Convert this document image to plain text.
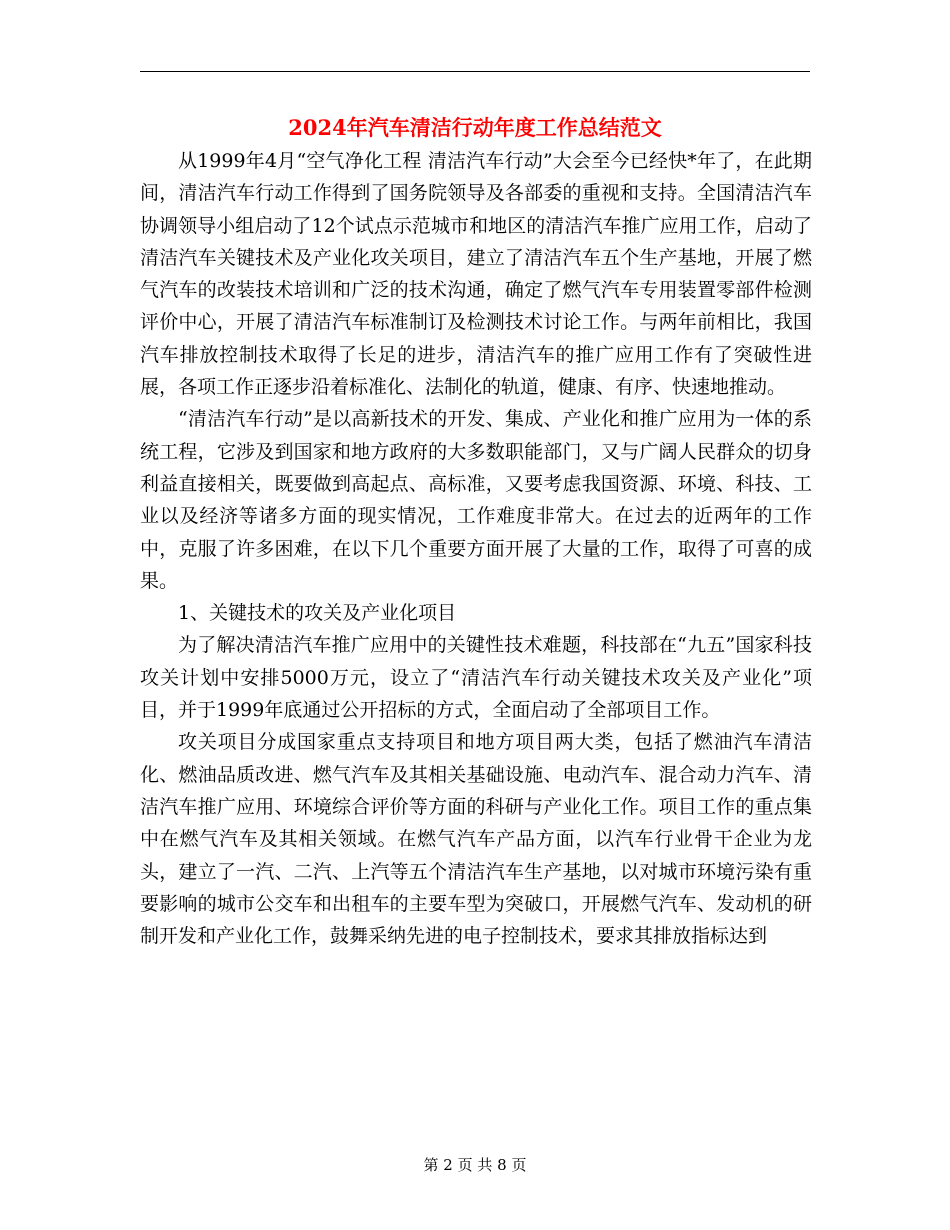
2024年汽车清洁行动年度工作总结范文

从1999年4月“空气净化工程 清洁汽车行动”大会至今已经快*年了，在此期间，清洁汽车行动工作得到了国务院领导及各部委的重视和支持。全国清洁汽车协调领导小组启动了12个试点示范城市和地区的清洁汽车推广应用工作，启动了清洁汽车关键技术及产业化攻关项目，建立了清洁汽车五个生产基地，开展了燃气汽车的改装技术培训和广泛的技术沟通，确定了燃气汽车专用装置零部件检测评价中心，开展了清洁汽车标准制订及检测技术讨论工作。与两年前相比，我国汽车排放控制技术取得了长足的进步，清洁汽车的推广应用工作有了突破性进展，各项工作正逐步沿着标准化、法制化的轨道，健康、有序、快速地推动。

“清洁汽车行动”是以高新技术的开发、集成、产业化和推广应用为一体的系统工程，它涉及到国家和地方政府的大多数职能部门，又与广阔人民群众的切身利益直接相关，既要做到高起点、高标准，又要考虑我国资源、环境、科技、工业以及经济等诸多方面的现实情况，工作难度非常大。在过去的近两年的工作中，克服了许多困难，在以下几个重要方面开展了大量的工作，取得了可喜的成果。

1、关键技术的攻关及产业化项目

为了解决清洁汽车推广应用中的关键性技术难题，科技部在“九五”国家科技攻关计划中安排5000万元，设立了“清洁汽车行动关键技术攻关及产业化”项目，并于1999年底通过公开招标的方式，全面启动了全部项目工作。

攻关项目分成国家重点支持项目和地方项目两大类，包括了燃油汽车清洁化、燃油品质改进、燃气汽车及其相关基础设施、电动汽车、混合动力汽车、清洁汽车推广应用、环境综合评价等方面的科研与产业化工作。项目工作的重点集中在燃气汽车及其相关领域。在燃气汽车产品方面，以汽车行业骨干企业为龙头，建立了一汽、二汽、上汽等五个清洁汽车生产基地，以对城市环境污染有重要影响的城市公交车和出租车的主要车型为突破口，开展燃气汽车、发动机的研制开发和产业化工作，鼓舞采纳先进的电子控制技术，要求其排放指标达到

第 2 页 共 8 页
